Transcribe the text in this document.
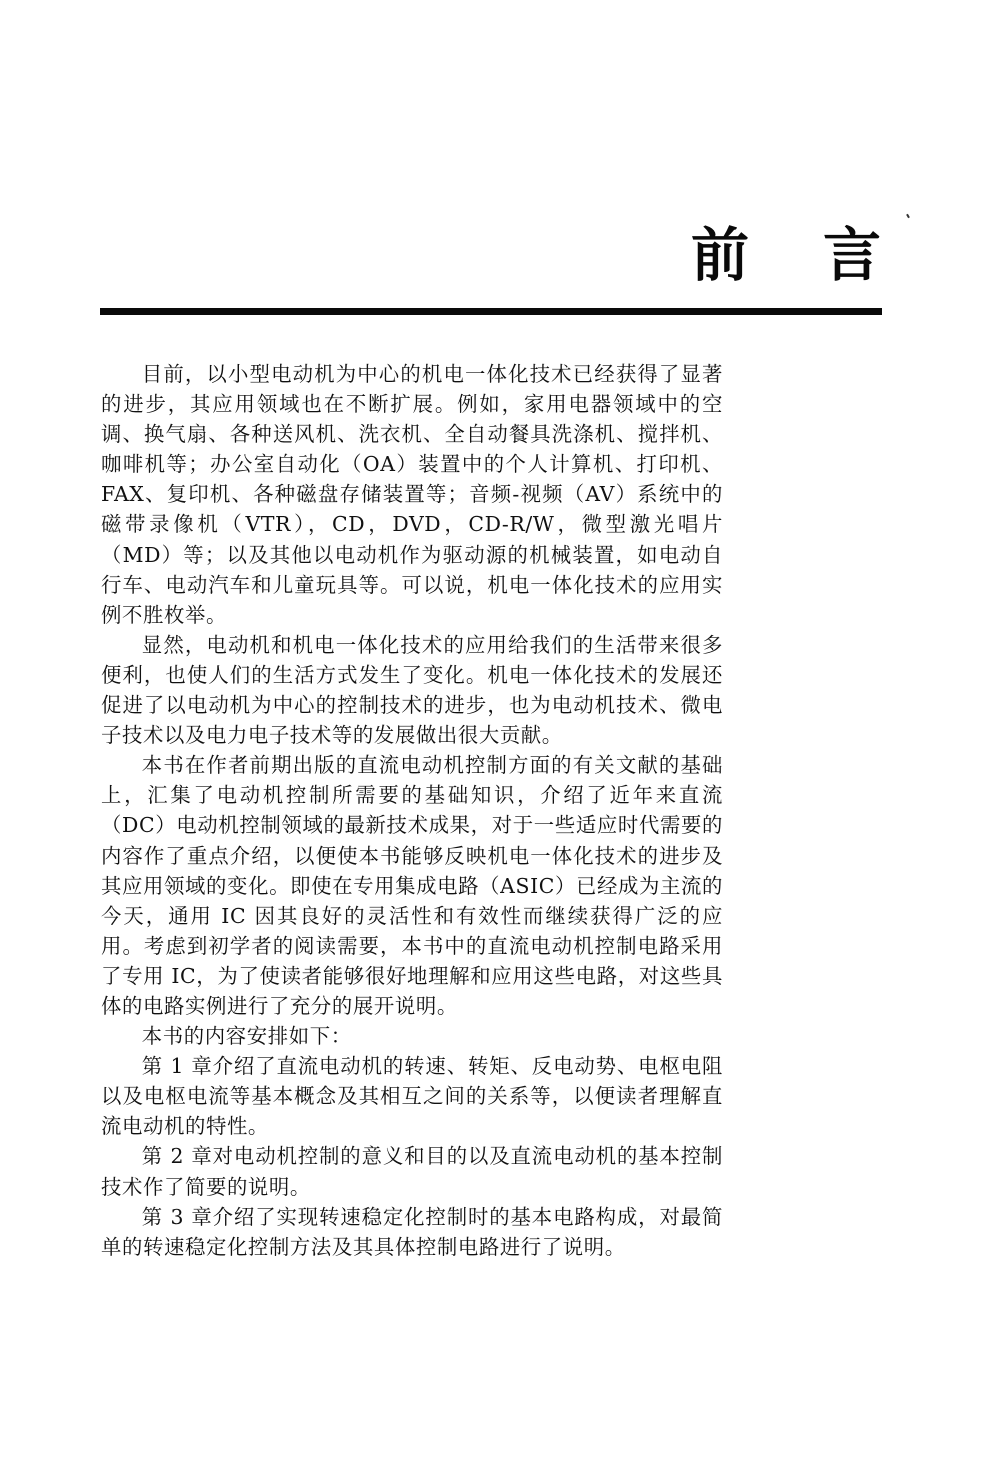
前言

目前，以小型电动机为中心的机电一体化技术已经获得了显著的进步，其应用领域也在不断扩展。例如，家用电器领域中的空调、换气扇、各种送风机、洗衣机、全自动餐具洗涤机、搅拌机、咖啡机等；办公室自动化（OA）装置中的个人计算机、打印机、FAX、复印机、各种磁盘存储装置等；音频-视频（AV）系统中的磁带录像机（VTR），CD，DVD，CD-R/W，微型激光唱片（MD）等；以及其他以电动机作为驱动源的机械装置，如电动自行车、电动汽车和儿童玩具等。可以说，机电一体化技术的应用实例不胜枚举。

显然，电动机和机电一体化技术的应用给我们的生活带来很多便利，也使人们的生活方式发生了变化。机电一体化技术的发展还促进了以电动机为中心的控制技术的进步，也为电动机技术、微电子技术以及电力电子技术等的发展做出很大贡献。

本书在作者前期出版的直流电动机控制方面的有关文献的基础上，汇集了电动机控制所需要的基础知识，介绍了近年来直流（DC）电动机控制领域的最新技术成果，对于一些适应时代需要的内容作了重点介绍，以便使本书能够反映机电一体化技术的进步及其应用领域的变化。即使在专用集成电路（ASIC）已经成为主流的今天，通用 IC 因其良好的灵活性和有效性而继续获得广泛的应用。考虑到初学者的阅读需要，本书中的直流电动机控制电路采用了专用 IC，为了使读者能够很好地理解和应用这些电路，对这些具体的电路实例进行了充分的展开说明。

本书的内容安排如下：

第 1 章介绍了直流电动机的转速、转矩、反电动势、电枢电阻以及电枢电流等基本概念及其相互之间的关系等，以便读者理解直流电动机的特性。

第 2 章对电动机控制的意义和目的以及直流电动机的基本控制技术作了简要的说明。

第 3 章介绍了实现转速稳定化控制时的基本电路构成，对最简单的转速稳定化控制方法及其具体控制电路进行了说明。
